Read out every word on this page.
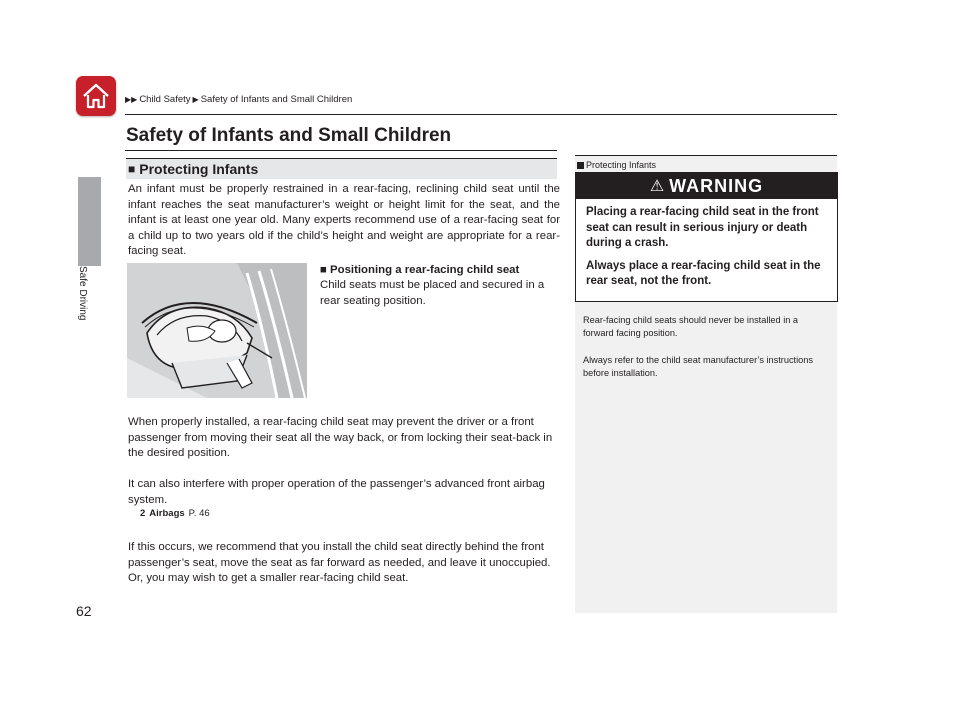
▶▶ Child Safety ▶ Safety of Infants and Small Children
Safe Driving
Safety of Infants and Small Children
■ Protecting Infants

An infant must be properly restrained in a rear-facing, reclining child seat until the infant reaches the seat manufacturer’s weight or height limit for the seat, and the infant is at least one year old. Many experts recommend use of a rear-facing seat for a child up to two years old if the child’s height and weight are appropriate for a rear-facing seat.

■ Positioning a rear-facing child seat

Child seats must be placed and secured in a rear seating position.

When properly installed, a rear-facing child seat may prevent the driver or a front passenger from moving their seat all the way back, or from locking their seat-back in the desired position.

It can also interfere with proper operation of the passenger’s advanced front airbag system.

2 Airbags P. 46

If this occurs, we recommend that you install the child seat directly behind the front passenger’s seat, move the seat as far forward as needed, and leave it unoccupied. Or, you may wish to get a smaller rear-facing child seat.

Protecting Infants
⚠ WARNING

Placing a rear-facing child seat in the front seat can result in serious injury or death during a crash.

Always place a rear-facing child seat in the rear seat, not the front.

Rear-facing child seats should never be installed in a forward facing position.

Always refer to the child seat manufacturer’s instructions before installation.

62
